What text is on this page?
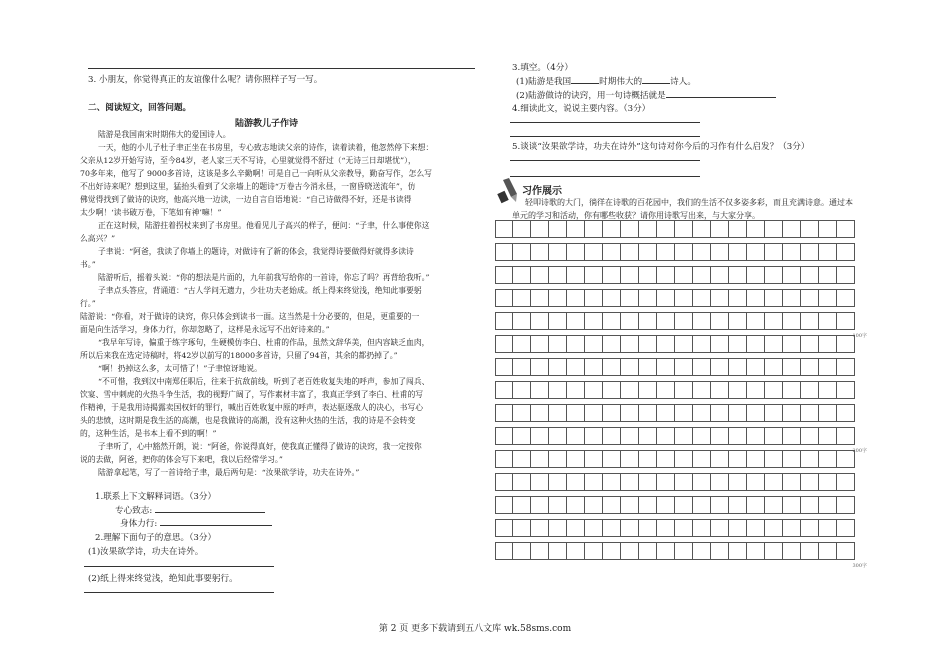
3. 小朋友，你觉得真正的友谊像什么呢？请你照样子写一写。
二、阅读短文，回答问题。
陆游教儿子作诗
陆游是我国南宋时期伟大的爱国诗人。
一天，他的小儿子杜子聿正坐在书房里，专心致志地读父亲的诗作，读着读着，他忽然停下来想：
父亲从12岁开始写诗，至今84岁，老人家三天不写诗，心里就觉得不舒过（“无诗三日却堪忧”），
70多年来，他写了 9000多首诗，这该是多么辛勤啊！可是自己一向听从父亲教导，勤奋写作，怎么写
不出好诗来呢？想到这里，猛抬头看到了父亲墙上的题诗“万卷古今消永昼，一窗昏晓送流年”，仿
佛觉得找到了做诗的诀窍，他高兴地一边读，一边自言自语地说：“自己诗做得不好，还是书读得
太少啊！‘读书破万卷，下笔如有神’嘛！”
正在这时候，陆游拄着拐杖来到了书房里。他看见儿子高兴的样子，便问：“子聿，什么事使你这
么高兴？”
子聿说：“阿爸，我读了你墙上的题诗，对做诗有了新的体会，我觉得诗要做得好就得多读诗
书。”
陆游听后，摇着头说：“你的想法是片面的，九年前我写给你的一首诗，你忘了吗？再背给我听。”
子聿点头答应，背诵道：“古人学问无遗力，少壮功夫老始成。纸上得来终觉浅，绝知此事要躬
行。”
陆游说：“你看，对于做诗的诀窍，你只体会到读书一面。这当然是十分必要的，但是，更重要的一
面是向生活学习，身体力行，你却忽略了，这样是永远写不出好诗来的。”
“我早年写诗，偏重于练字琢句，生硬模仿李白、杜甫的作品，虽然文辞华美，但内容缺乏血肉，
所以后来我在选定诗稿时，将42岁以前写的18000多首诗，只留了94首，其余的都扔掉了。”
“啊！扔掉这么多，太可惜了！”子聿惊讶地说。
“不可惜，我到汉中南郑任职后，往来于抗敌前线，听到了老百姓收复失地的呼声，参加了闯兵、
饮宴、雪中刺虎的火热斗争生活，我的视野广阔了，写作素材丰富了，我真正学到了李白、杜甫的写
作精神，于是我用诗揭露卖国权奸的罪行，喊出百姓收复中原的呼声，表达驱逐敌人的决心，书写心
头的悲愤，这时期是我生活的高潮，也是我做诗的高潮，没有这种火热的生活，我的诗是不会转变
的，这种生活，是书本上看不到的啊！”
子聿听了，心中豁然开朗，说：“阿爸，你说得真好，使我真正懂得了做诗的诀窍，我一定按你
说的去做，阿爸，把你的体会写下来吧，我以后经常学习。”
陆游拿起笔，写了一首诗给子聿，最后两句是：“汝果欲学诗，功夫在诗外。”
1.联系上下文解释词语。（3分）
专心致志:
身体力行:
2.理解下面句子的意思。（3分）
(1)汝果欲学诗，功夫在诗外。
(2)纸上得来终觉浅，绝知此事要躬行。
3.填空。（4分）
(1)陆游是我国	时期伟大的	诗人。
(2)陆游做诗的诀窍，用一句诗概括就是
4.细读此文，说说主要内容。（3分）
5.谈谈“汝果欲学诗，功夫在诗外”这句诗对你今后的习作有什么启发？（3分）
习作展示
轻叩诗歌的大门，徜徉在诗歌的百花园中，我们的生活不仅多姿多彩，而且充满诗意。通过本
单元的学习和活动，你有哪些收获？请你用诗歌写出来，与大家分享。
100字
200字
300字
第 2 页 更多下载请到五八文库 wk.58sms.com
